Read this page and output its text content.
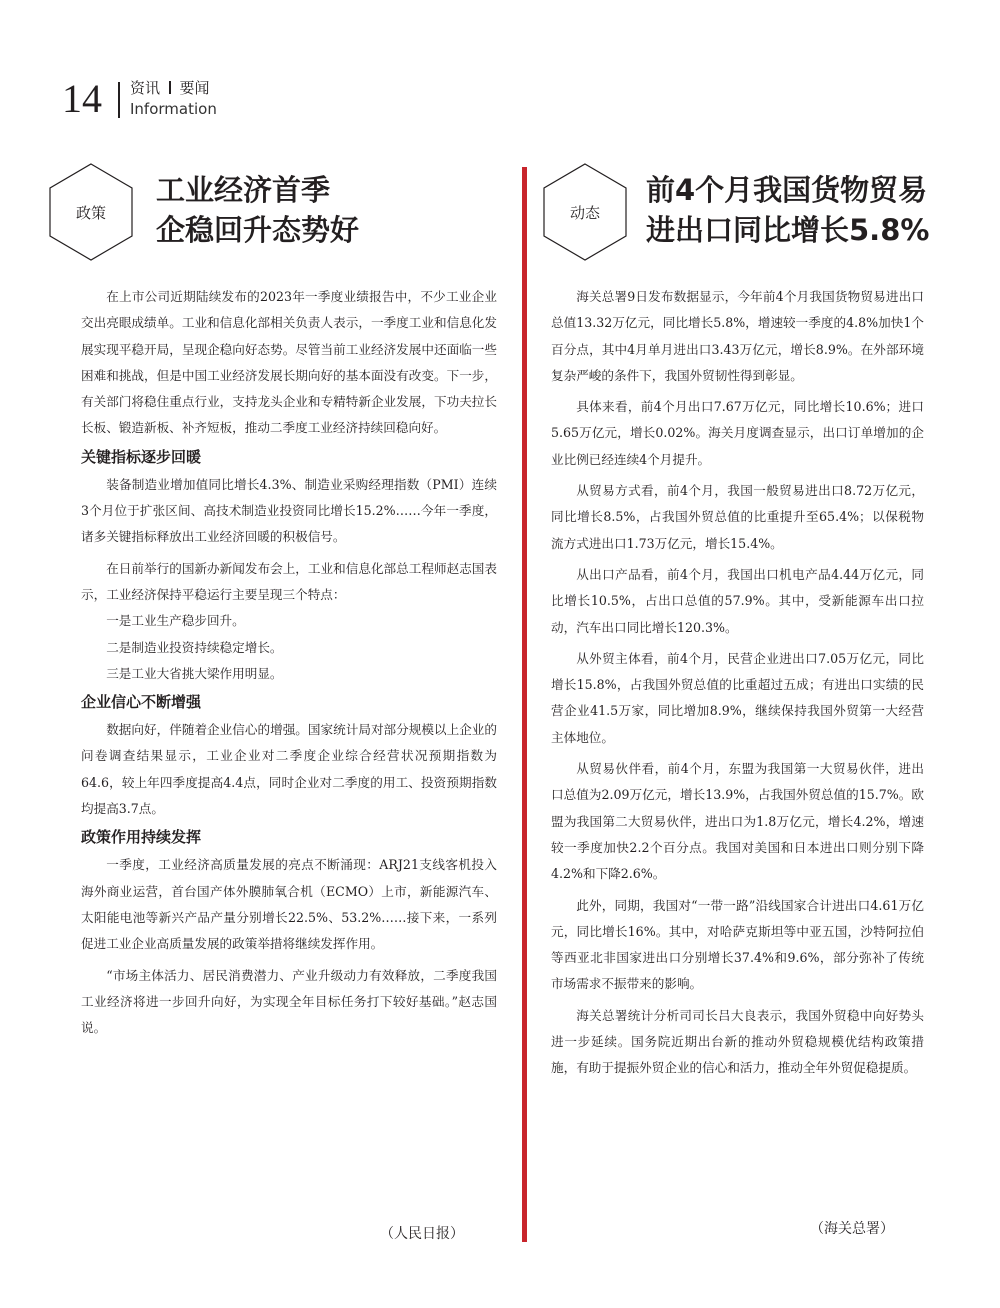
14 资讯 要闻
Information
政策
工业经济首季
企稳回升态势好

在上市公司近期陆续发布的2023年一季度业绩报告中，不少工业企业交出亮眼成绩单。工业和信息化部相关负责人表示，一季度工业和信息化发展实现平稳开局，呈现企稳向好态势。尽管当前工业经济发展中还面临一些困难和挑战，但是中国工业经济发展长期向好的基本面没有改变。下一步，有关部门将稳住重点行业，支持龙头企业和专精特新企业发展，下功夫拉长长板、锻造新板、补齐短板，推动二季度工业经济持续回稳向好。

关键指标逐步回暖

装备制造业增加值同比增长4.3%、制造业采购经理指数（PMI）连续3个月位于扩张区间、高技术制造业投资同比增长15.2%……今年一季度，诸多关键指标释放出工业经济回暖的积极信号。

在日前举行的国新办新闻发布会上，工业和信息化部总工程师赵志国表示，工业经济保持平稳运行主要呈现三个特点：

一是工业生产稳步回升。

二是制造业投资持续稳定增长。

三是工业大省挑大梁作用明显。

企业信心不断增强

数据向好，伴随着企业信心的增强。国家统计局对部分规模以上企业的问卷调查结果显示，工业企业对二季度企业综合经营状况预期指数为64.6，较上年四季度提高4.4点，同时企业对二季度的用工、投资预期指数均提高3.7点。

政策作用持续发挥

一季度，工业经济高质量发展的亮点不断涌现：ARJ21支线客机投入海外商业运营，首台国产体外膜肺氧合机（ECMO）上市，新能源汽车、太阳能电池等新兴产品产量分别增长22.5%、53.2%……接下来，一系列促进工业企业高质量发展的政策举措将继续发挥作用。

“市场主体活力、居民消费潜力、产业升级动力有效释放，二季度我国工业经济将进一步回升向好，为实现全年目标任务打下较好基础。”赵志国说。

（人民日报）
动态
前4个月我国货物贸易
进出口同比增长5.8%

海关总署9日发布数据显示，今年前4个月我国货物贸易进出口总值13.32万亿元，同比增长5.8%，增速较一季度的4.8%加快1个百分点，其中4月单月进出口3.43万亿元，增长8.9%。在外部环境复杂严峻的条件下，我国外贸韧性得到彰显。

具体来看，前4个月出口7.67万亿元，同比增长10.6%；进口5.65万亿元，增长0.02%。海关月度调查显示，出口订单增加的企业比例已经连续4个月提升。

从贸易方式看，前4个月，我国一般贸易进出口8.72万亿元，同比增长8.5%，占我国外贸总值的比重提升至65.4%；以保税物流方式进出口1.73万亿元，增长15.4%。

从出口产品看，前4个月，我国出口机电产品4.44万亿元，同比增长10.5%，占出口总值的57.9%。其中，受新能源车出口拉动，汽车出口同比增长120.3%。

从外贸主体看，前4个月，民营企业进出口7.05万亿元，同比增长15.8%，占我国外贸总值的比重超过五成；有进出口实绩的民营企业41.5万家，同比增加8.9%，继续保持我国外贸第一大经营主体地位。

从贸易伙伴看，前4个月，东盟为我国第一大贸易伙伴，进出口总值为2.09万亿元，增长13.9%，占我国外贸总值的15.7%。欧盟为我国第二大贸易伙伴，进出口为1.8万亿元，增长4.2%，增速较一季度加快2.2个百分点。我国对美国和日本进出口则分别下降4.2%和下降2.6%。

此外，同期，我国对“一带一路”沿线国家合计进出口4.61万亿元，同比增长16%。其中，对哈萨克斯坦等中亚五国，沙特阿拉伯等西亚北非国家进出口分别增长37.4%和9.6%，部分弥补了传统市场需求不振带来的影响。

海关总署统计分析司司长吕大良表示，我国外贸稳中向好势头进一步延续。国务院近期出台新的推动外贸稳规模优结构政策措施，有助于提振外贸企业的信心和活力，推动全年外贸促稳提质。

（海关总署）
